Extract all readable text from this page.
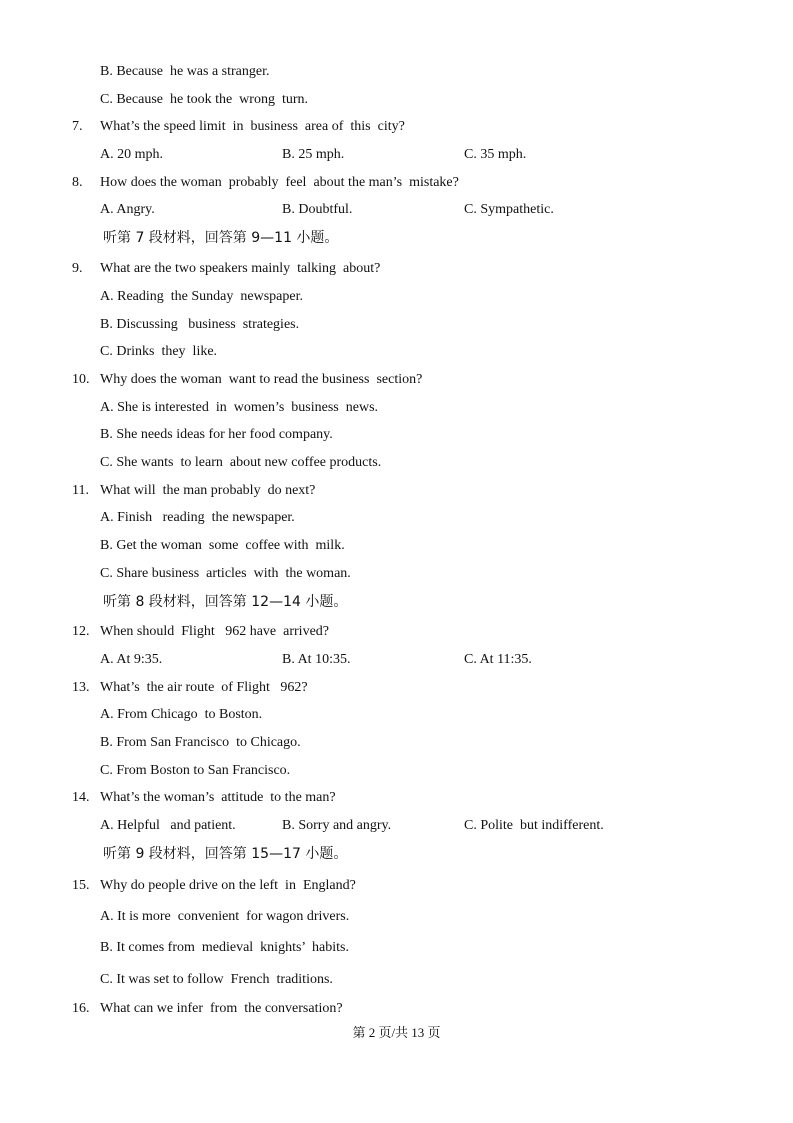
B. Because  he was a stranger.
C. Because  he took the  wrong  turn.
7. What’s the speed limit  in  business  area of  this  city?
A. 20 mph.	B. 25 mph.	C. 35 mph.
8. How does the woman  probably  feel  about the man’s  mistake?
A. Angry.	B. Doubtful.	C. Sympathetic.
听第 7 段材料，回答第 9—11 小题。
9. What are the two speakers mainly  talking  about?
A. Reading  the Sunday  newspaper.
B. Discussing   business  strategies.
C. Drinks  they  like.
10. Why does the woman  want to read the business  section?
A. She is interested  in  women’s  business  news.
B. She needs ideas for her food company.
C. She wants  to learn  about new coffee products.
11. What will  the man probably  do next?
A. Finish   reading  the newspaper.
B. Get the woman  some  coffee with  milk.
C. Share business  articles  with  the woman.
听第 8 段材料，回答第 12—14 小题。
12. When should  Flight   962 have  arrived?
A. At 9:35.	B. At 10:35.	C. At 11:35.
13. What’s  the air route  of Flight   962?
A. From Chicago  to Boston.
B. From San Francisco  to Chicago.
C. From Boston to San Francisco.
14. What’s the woman’s  attitude  to the man?
A. Helpful   and patient.	B. Sorry and angry.	C. Polite  but indifferent.
听第 9 段材料，回答第 15—17 小题。
15. Why do people drive on the left  in  England?
A. It is more  convenient  for wagon drivers.
B. It comes from  medieval  knights’  habits.
C. It was set to follow  French  traditions.
16. What can we infer  from  the conversation?
第 2 页/共 13 页
